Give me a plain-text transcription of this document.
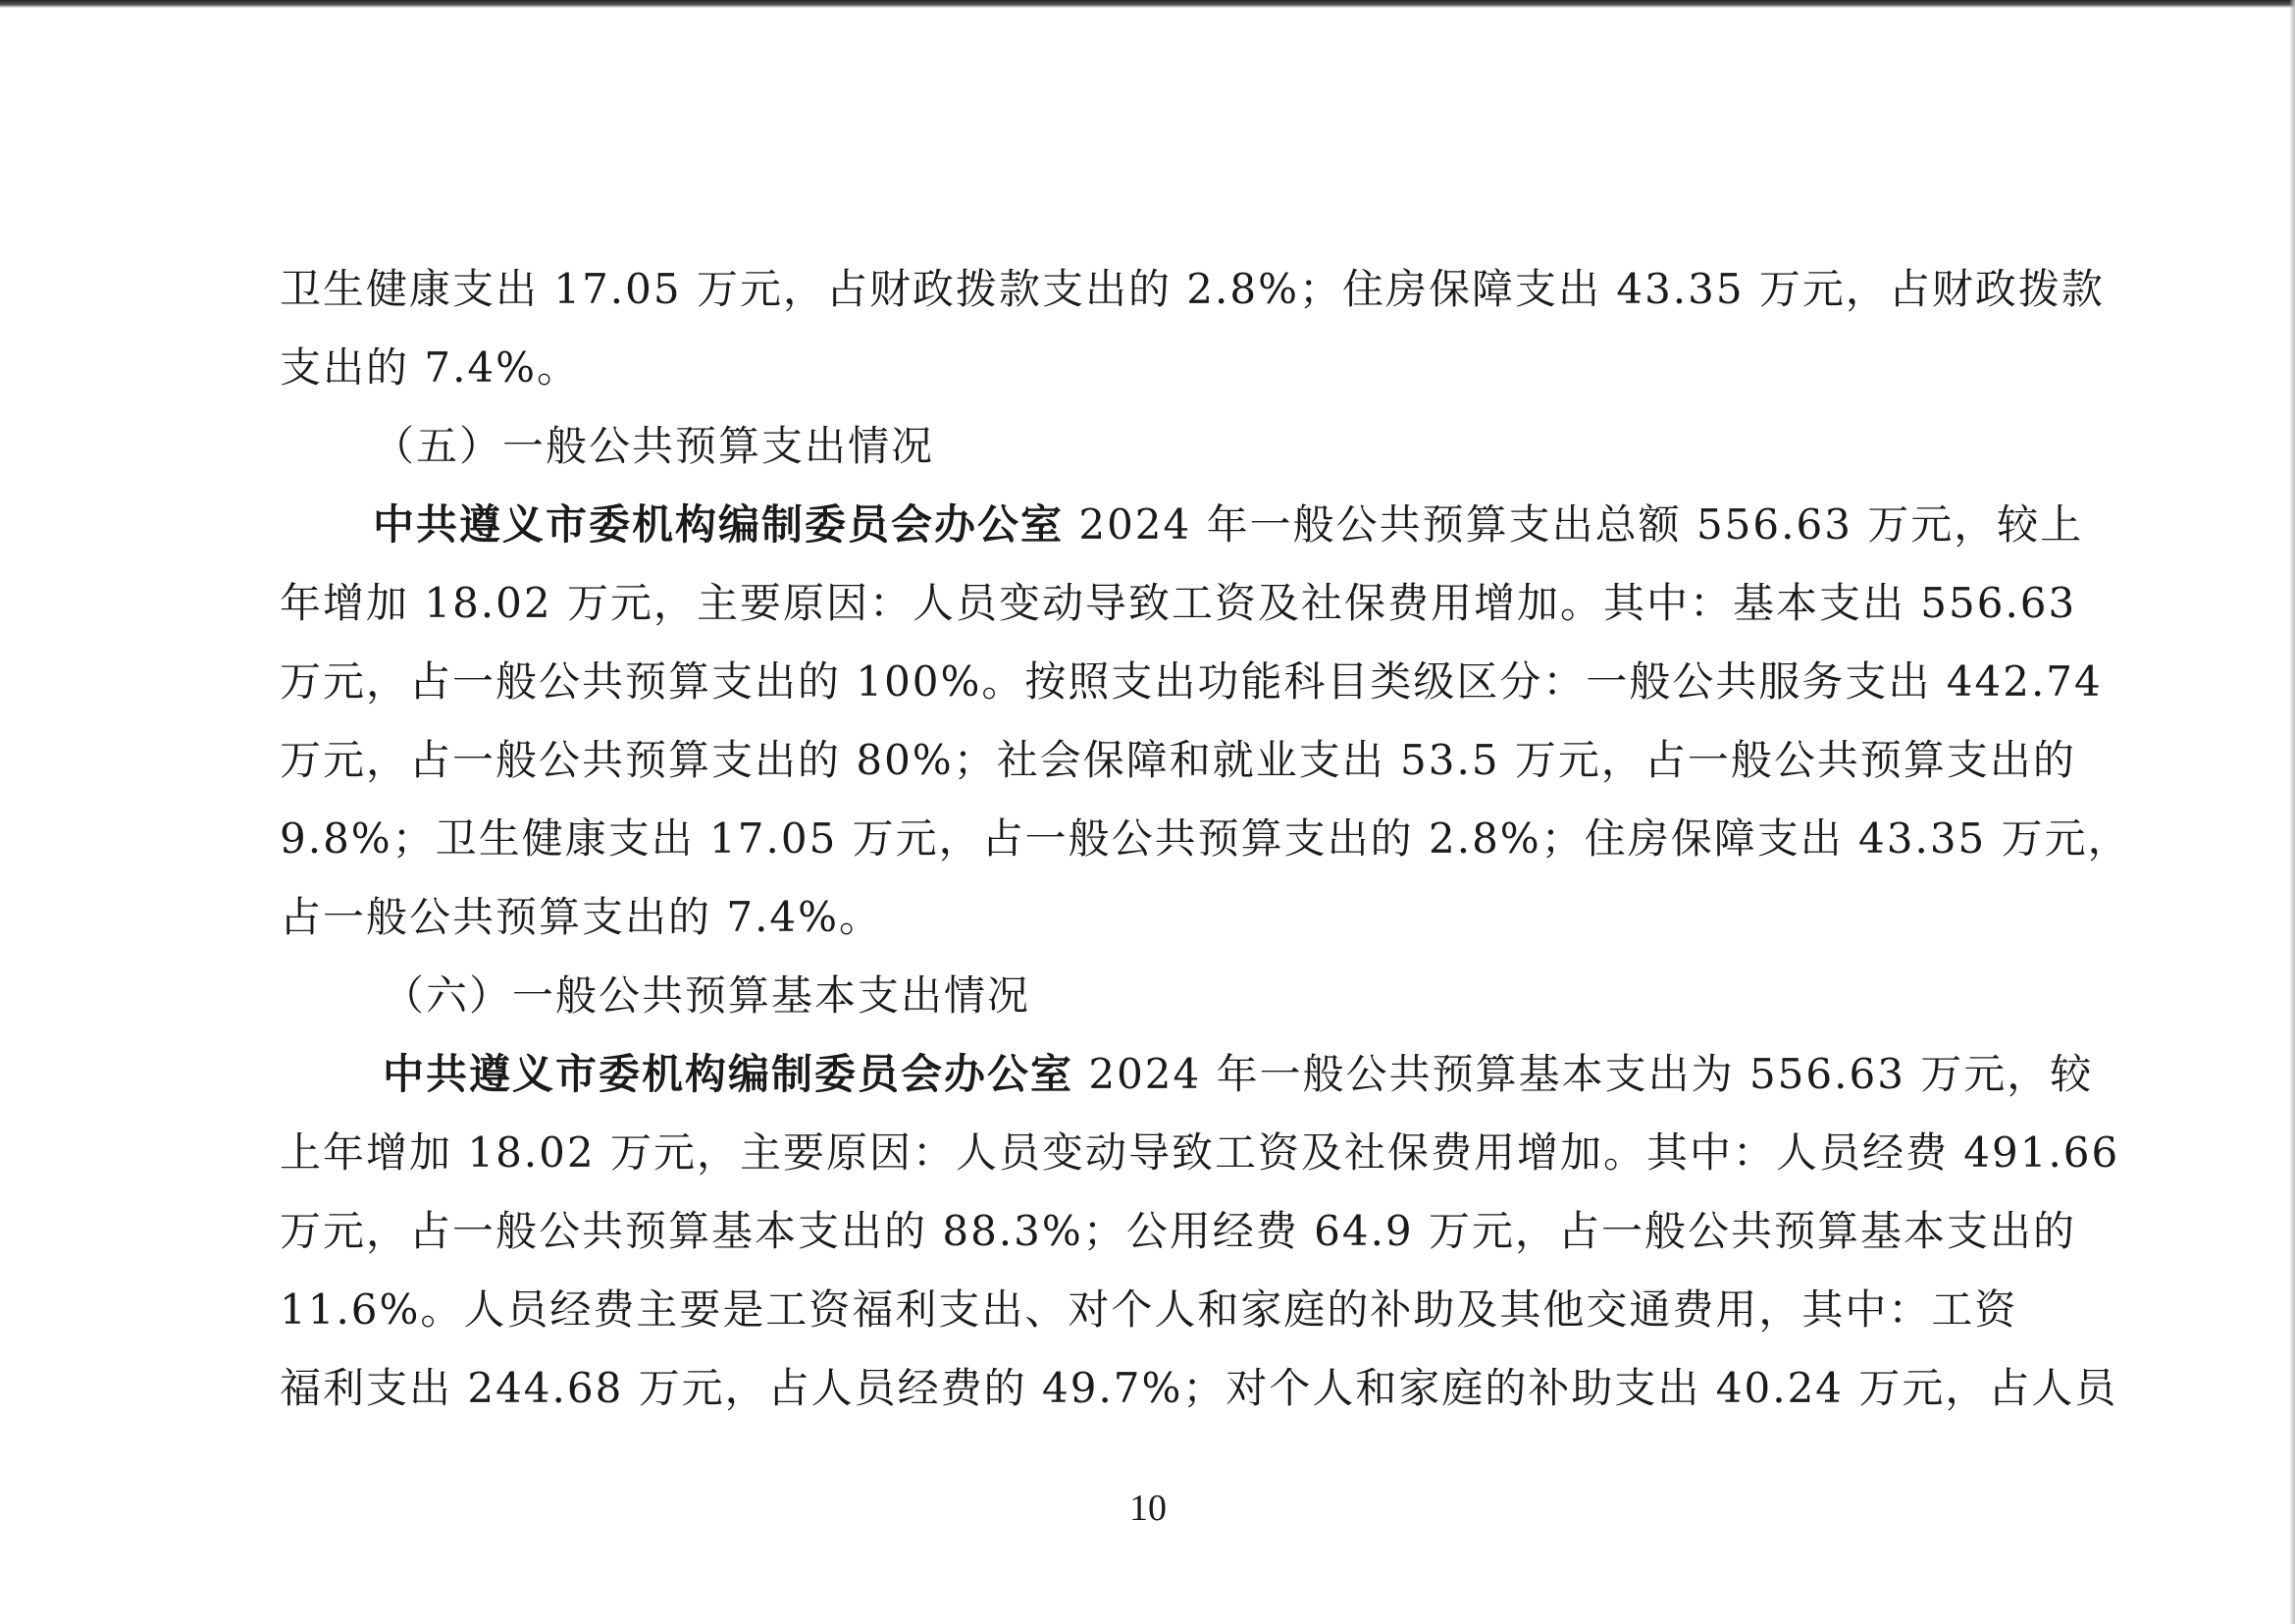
卫生健康支出 17.05 万元，占财政拨款支出的 2.8%；住房保障支出 43.35 万元，占财政拨款
支出的 7.4%。
（五）一般公共预算支出情况
中共遵义市委机构编制委员会办公室 2024 年一般公共预算支出总额 556.63 万元，较上
年增加 18.02 万元，主要原因：人员变动导致工资及社保费用增加。其中：基本支出 556.63
万元，占一般公共预算支出的 100%。按照支出功能科目类级区分：一般公共服务支出 442.74
万元，占一般公共预算支出的 80%；社会保障和就业支出 53.5 万元，占一般公共预算支出的
9.8%；卫生健康支出 17.05 万元，占一般公共预算支出的 2.8%；住房保障支出 43.35 万元，
占一般公共预算支出的 7.4%。
（六）一般公共预算基本支出情况
中共遵义市委机构编制委员会办公室 2024 年一般公共预算基本支出为 556.63 万元，较
上年增加 18.02 万元，主要原因：人员变动导致工资及社保费用增加。其中：人员经费 491.66
万元，占一般公共预算基本支出的 88.3%；公用经费 64.9 万元，占一般公共预算基本支出的
11.6%。人员经费主要是工资福利支出、对个人和家庭的补助及其他交通费用，其中：工资
福利支出 244.68 万元，占人员经费的 49.7%；对个人和家庭的补助支出 40.24 万元，占人员
10
